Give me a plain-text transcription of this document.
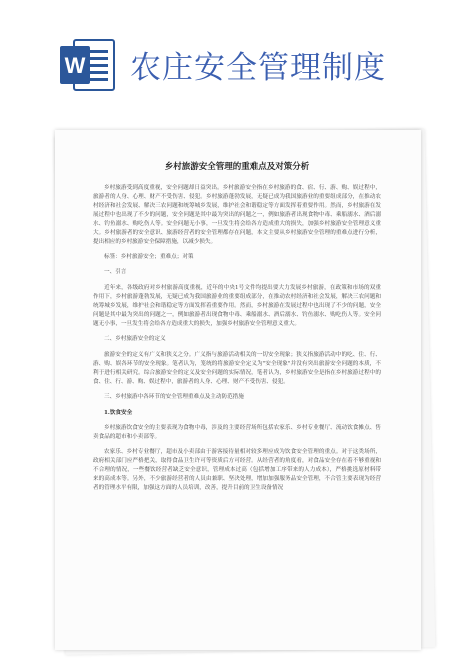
W 农庄安全管理制度
乡村旅游安全管理的重难点及对策分析

乡村旅游受到高度重视，安全问题却日益突出。乡村旅游安全指在乡村旅游的食、宿、行、游、购、娱过程中，旅游者的人身、心理、财产不受伤害、侵犯。乡村旅游蓬勃发展，无疑已成为我国旅游业的重要组成部分，在推动农村经济和社会发展、解决三农问题和统筹城乡发展，维护社会和谐稳定等方面发挥着重要作用。然而，乡村旅游在发展过程中也出现了不少的问题，安全问题是其中最为突出的问题之一，例如旅游者出现食物中毒、乘船溺水、酒后溺水、钓鱼溺水、购吃伤人等。安全问题无小事，一旦发生将会给各方造成重大的损失，加强乡村旅游安全管理意义重大。乡村旅游者的安全意识、旅游经营者的安全管理都存在问题，本文主要从乡村旅游安全管理的重难点进行分析，提出相应的乡村旅游安全保障措施，以减少损失。

标签：乡村旅游安全；重难点；对策

一、引言

近年来，各级政府对乡村旅游高度重视，近年的中央1号文件均提出要大力发展乡村旅游，在政策和市场的双重作用下，乡村旅游蓬勃发展，无疑已成为我国旅游业的重要组成部分，在推动农村经济和社会发展，解决三农问题和统筹城乡发展，维护社会和谐稳定等方面发挥着重要作用。然而，乡村旅游在发展过程中也出现了不少的问题，安全问题是其中最为突出的问题之一，例如旅游者出现食物中毒、乘船溺水、酒后溺水、钓鱼溺水、购吃伤人等。安全问题无小事，一旦发生将会给各方造成重大的损失，加强乡村旅游安全管理意义重大。

二、乡村旅游安全的定义

旅游安全的定义有广义和狭义之分。广义指与旅游活动相关的一切安全现象；狭义指旅游活动中的吃、住、行、游、购、娱各环节的安全现象。笔者认为，笼统的将旅游安全定义为"安全现象"并没有突出旅游安全问题的本质，不利于进行相关研究。综合旅游安全的定义及安全问题的实际情况，笔者认为，乡村旅游安全是指在乡村旅游过程中的食、住、行、游、购、娱过程中，旅游者的人身、心理、财产不受伤害、侵犯。

三、乡村旅游中各环节的安全管理重难点及主动防范措施

1.饮食安全

乡村旅游饮食安全的主要表现为食物中毒，涉及的主要经营场所包括农家乐、乡村专业餐厅、流动饮食摊点、售卖食品的超市和小卖部等。

农家乐、乡村专业餐厅，超市及小卖部由于游客接待量相对较多理应成为饮食安全管理的重点。对于这类场所，政府相关部门应严格把关，取得食品卫生许可等资质后方可经营。从经营者的角度看，对食品安全存在着不够重视和不合理的情况，一些餐饮经营者缺乏安全意识，管理成本过高（包括增加工序带来的人力成本），严格挑选原材料带来的高成本等。另外，不少旅游经营者的人员由兼职、坚决处理，增加加强服务品安全管理，不合管主要表现为经营者的管理水平有限，加强这方面的人员培训，改善，提升目前的卫生设备情况
